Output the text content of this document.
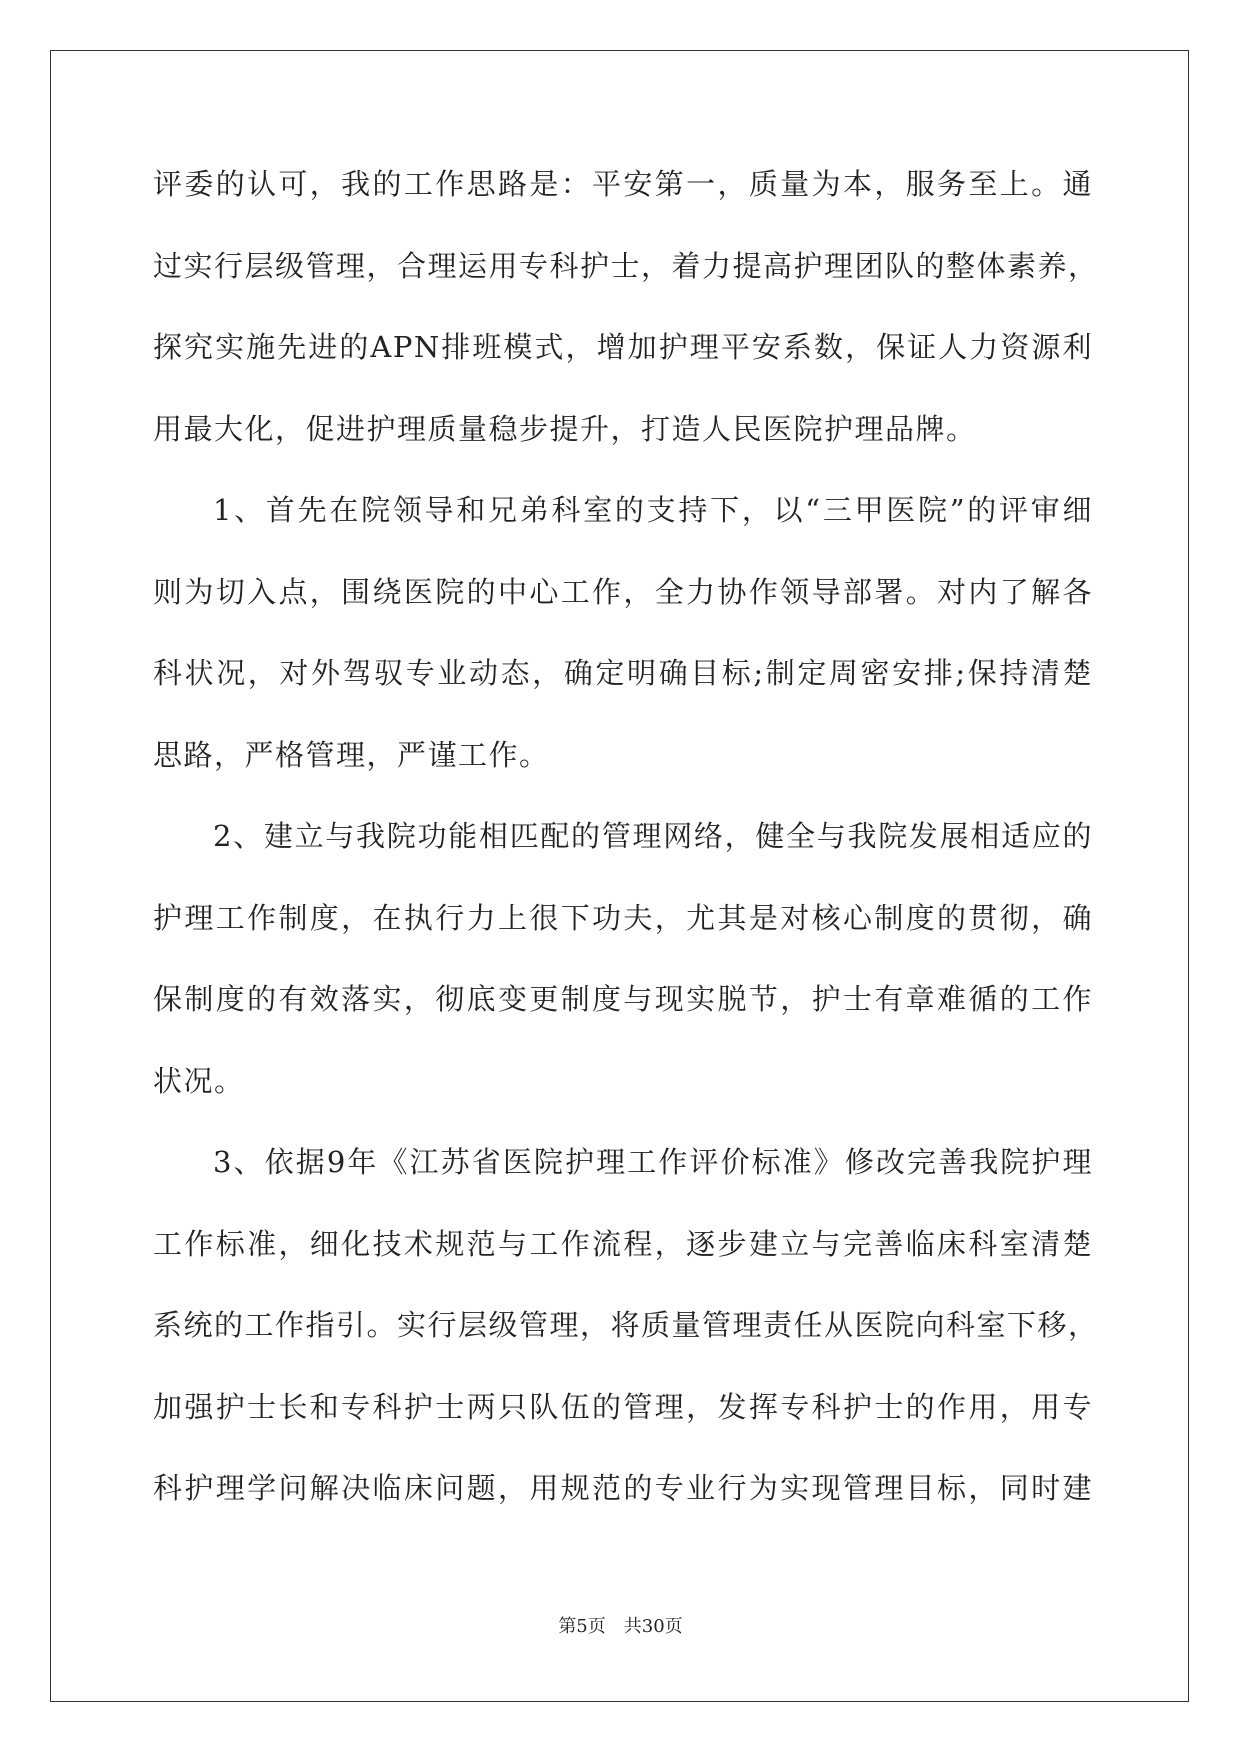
评委的认可，我的工作思路是：平安第一，质量为本，服务至上。通
过实行层级管理，合理运用专科护士，着力提高护理团队的整体素养，
探究实施先进的APN排班模式，增加护理平安系数，保证人力资源利
用最大化，促进护理质量稳步提升，打造人民医院护理品牌。
1、首先在院领导和兄弟科室的支持下，以“三甲医院”的评审细
则为切入点，围绕医院的中心工作，全力协作领导部署。对内了解各
科状况，对外驾驭专业动态，确定明确目标;制定周密安排;保持清楚
思路，严格管理，严谨工作。
2、建立与我院功能相匹配的管理网络，健全与我院发展相适应的
护理工作制度，在执行力上很下功夫，尤其是对核心制度的贯彻，确
保制度的有效落实，彻底变更制度与现实脱节，护士有章难循的工作
状况。
3、依据9年《江苏省医院护理工作评价标准》修改完善我院护理
工作标准，细化技术规范与工作流程，逐步建立与完善临床科室清楚
系统的工作指引。实行层级管理，将质量管理责任从医院向科室下移，
加强护士长和专科护士两只队伍的管理，发挥专科护士的作用，用专
科护理学问解决临床问题，用规范的专业行为实现管理目标，同时建
第5页 共30页
